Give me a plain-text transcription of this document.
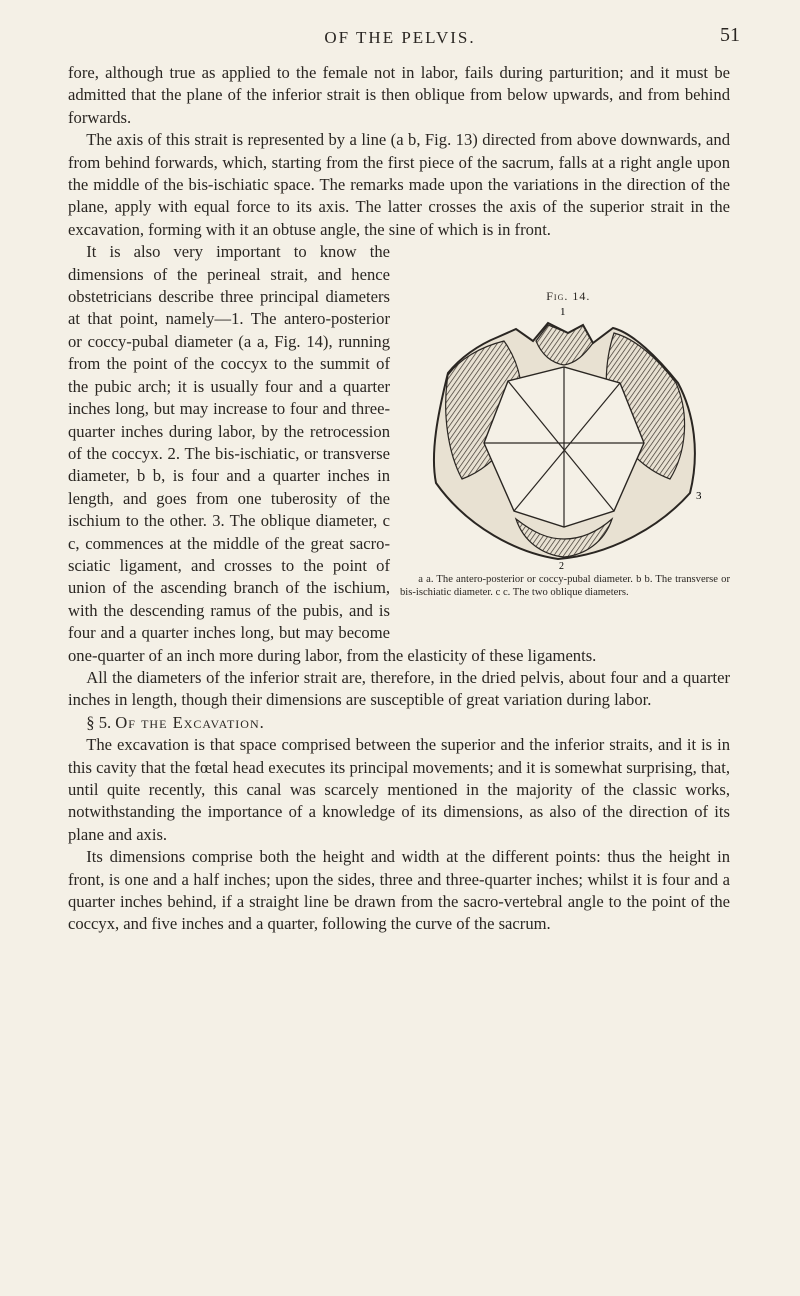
OF THE PELVIS.	51

fore, although true as applied to the female not in labor, fails during parturition; and it must be admitted that the plane of the inferior strait is then oblique from below upwards, and from behind forwards.

The axis of this strait is represented by a line (a b, Fig. 13) directed from above downwards, and from behind forwards, which, starting from the first piece of the sacrum, falls at a right angle upon the middle of the bis-ischiatic space. The remarks made upon the variations in the direction of the plane, apply with equal force to its axis. The latter crosses the axis of the superior strait in the excavation, forming with it an obtuse angle, the sine of which is in front.

Fig. 14.
1
2
3
a a. The antero-posterior or coccy-pubal diameter. b b. The transverse or bis-ischiatic diameter. c c. The two oblique diameters.
It is also very important to know the dimensions of the perineal strait, and hence obstetricians describe three principal diameters at that point, namely—1. The antero-posterior or coccy-pubal diameter (a a, Fig. 14), running from the point of the coccyx to the summit of the pubic arch; it is usually four and a quarter inches long, but may increase to four and three-quarter inches during labor, by the retrocession of the coccyx. 2. The bis-ischiatic, or transverse diameter, b b, is four and a quarter inches in length, and goes from one tuberosity of the ischium to the other. 3. The oblique diameter, c c, commences at the middle of the great sacro-sciatic ligament, and crosses to the point of union of the ascending branch of the ischium, with the descending ramus of the pubis, and is four and a quarter inches long, but may become one-quarter of an inch more during labor, from the elasticity of these ligaments.

All the diameters of the inferior strait are, therefore, in the dried pelvis, about four and a quarter inches in length, though their dimensions are susceptible of great variation during labor.

§ 5. Of the Excavation.

The excavation is that space comprised between the superior and the inferior straits, and it is in this cavity that the fœtal head executes its principal movements; and it is somewhat surprising, that, until quite recently, this canal was scarcely mentioned in the majority of the classic works, notwithstanding the importance of a knowledge of its dimensions, as also of the direction of its plane and axis.

Its dimensions comprise both the height and width at the different points: thus the height in front, is one and a half inches; upon the sides, three and three-quarter inches; whilst it is four and a quarter inches behind, if a straight line be drawn from the sacro-vertebral angle to the point of the coccyx, and five inches and a quarter, following the curve of the sacrum.
